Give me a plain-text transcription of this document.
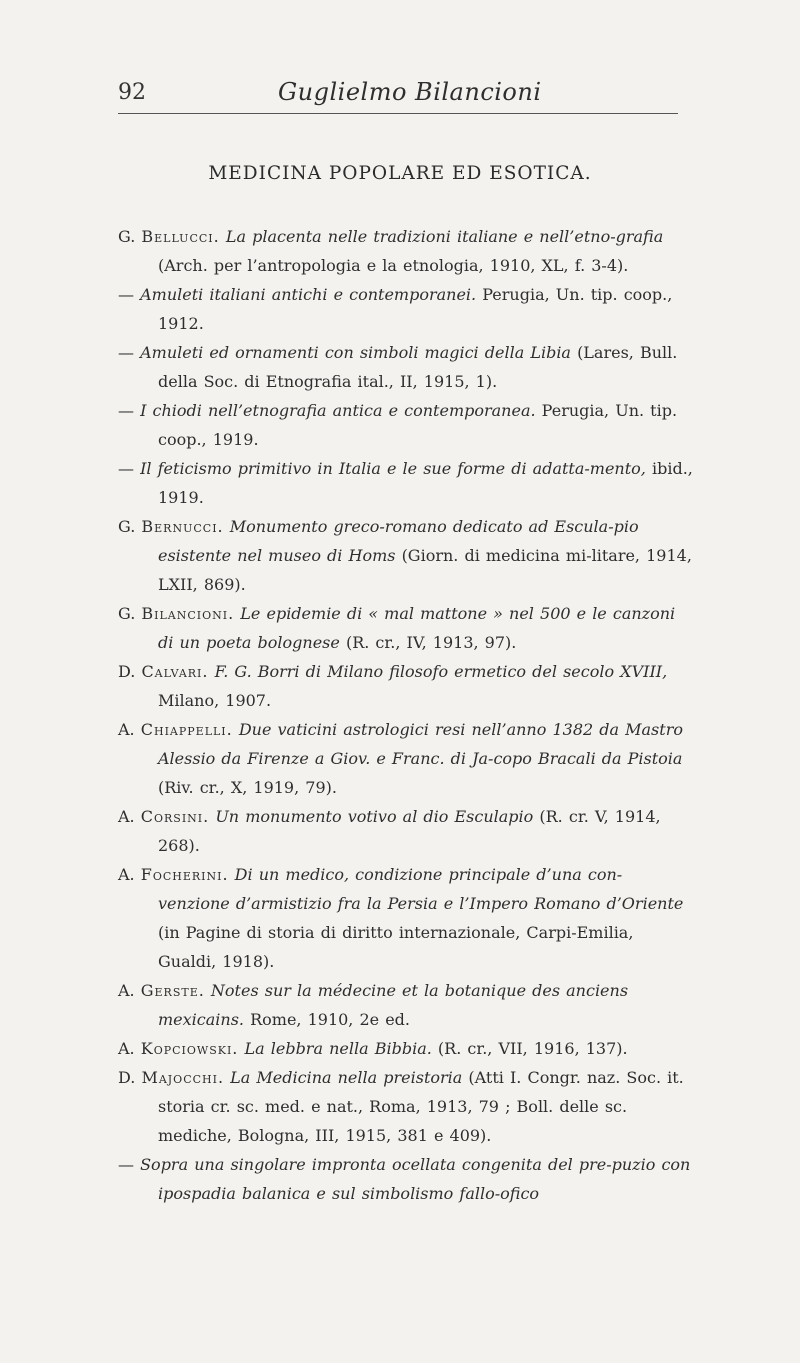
92	Guglielmo Bilancioni
MEDICINA POPOLARE ED ESOTICA.

G. Bellucci. La placenta nelle tradizioni italiane e nell’etno-grafia (Arch. per l’antropologia e la etnologia, 1910, XL, f. 3-4).

— Amuleti italiani antichi e contemporanei. Perugia, Un. tip. coop., 1912.

— Amuleti ed ornamenti con simboli magici della Libia (Lares, Bull. della Soc. di Etnografia ital., II, 1915, 1).

— I chiodi nell’etnografia antica e contemporanea. Perugia, Un. tip. coop., 1919.

— Il feticismo primitivo in Italia e le sue forme di adatta-mento, ibid., 1919.

G. Bernucci. Monumento greco-romano dedicato ad Escula-pio esistente nel museo di Homs (Giorn. di medicina mi-litare, 1914, LXII, 869).

G. Bilancioni. Le epidemie di « mal mattone » nel 500 e le canzoni di un poeta bolognese (R. cr., IV, 1913, 97).

D. Calvari. F. G. Borri di Milano filosofo ermetico del secolo XVIII, Milano, 1907.

A. Chiappelli. Due vaticini astrologici resi nell’anno 1382 da Mastro Alessio da Firenze a Giov. e Franc. di Ja-copo Bracali da Pistoia (Riv. cr., X, 1919, 79).

A. Corsini. Un monumento votivo al dio Esculapio (R. cr. V, 1914, 268).

A. Focherini. Di un medico, condizione principale d’una con-venzione d’armistizio fra la Persia e l’Impero Romano d’Oriente (in Pagine di storia di diritto internazionale, Carpi-Emilia, Gualdi, 1918).

A. Gerste. Notes sur la médecine et la botanique des anciens mexicains. Rome, 1910, 2e ed.

A. Kopciowski. La lebbra nella Bibbia. (R. cr., VII, 1916, 137).

D. Majocchi. La Medicina nella preistoria (Atti I. Congr. naz. Soc. it. storia cr. sc. med. e nat., Roma, 1913, 79 ; Boll. delle sc. mediche, Bologna, III, 1915, 381 e 409).

— Sopra una singolare impronta ocellata congenita del pre-puzio con ipospadia balanica e sul simbolismo fallo-ofico
